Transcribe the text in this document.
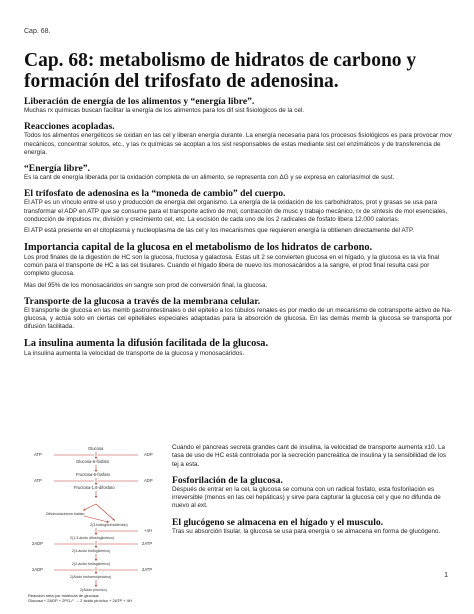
Cap. 68.
Cap. 68: metabolismo de hidratos de carbono y formación del trifosfato de adenosina.

Liberación de energía de los alimentos y “energía libre”.

Muchas rx químicas buscan facilitar la energía de los alimentos para los dif sist fisiológicos de la cel.

Reacciones acopladas.

Todos los alimentos energéticos se oxidan en las cel y liberan energía durante. La energía necesaria para los procesos fisiológicos es para provocar mov mecánicos, concentrar solutos, etc., y las rx químicas se acoplan a los sist responsables de estas mediante sist cel enzimáticos y de transferencia de energía.

“Energía libre”.

Es la cant de energía liberada por la oxidación completa de un alimento, se representa con ΔG y se expresa en calorías/mol de sust.

El trifosfato de adenosina es la “moneda de cambio” del cuerpo.

El ATP es un vínculo entre el uso y producción de energía del organismo. La energía de la oxidación de los carbohidratos, prot y grasas se usa para transformar el ADP en ATP que se consume para el transporte activo de mol, contracción de musc y trabajo mecánico, rx de síntesis de mol esenciales, conducción de impulsos nv, división y crecimiento cel, etc. La escisión de cada uno de los 2 radicales de fosfato libera 12.000 calorías.

El ATP está presente en el citoplasma y nucleoplasma de las cel y los mecanismos que requieren energía la obtienen directamente del ATP.

Importancia capital de la glucosa en el metabolismo de los hidratos de carbono.

Los prod finales de la digestión de HC son la glucosa, fructosa y galactosa. Estas ult 2 se convierten glucosa en el hígado, y la glucosa es la vía final común para el transporte de HC a las cel tisulares. Cuando el hígado libera de nuevo los monosacáridos a la sangre, el prod final resulta casi por completo glucosa.

Mas del 95% de los monosacáridos en sangre son prod de conversión final, la glucosa.

Transporte de la glucosa a través de la membrana celular.

El transporte de glucosa en las memb gastrointestinales o del epitelio a los túbulos renales es por medio de un mecanismo de cotransporte activo de Na-glucosa, y actúa solo en ciertas cel epiteliales especiales adaptadas para la absorción de glucosa. En las demás memb la glucosa se transporta por difusión facilitada.

La insulina aumenta la difusión facilitada de la glucosa.

La insulina aumenta la velocidad de transporte de la glucosa y monosacáridos.

Glucosa
Glucosa-6-fosfato
Fructosa-6-fosfato
Fructosa-1,6-difosfato
Dihidroxiacetona fosfato
2(3-fosfogliceraldehído)
2(1,3-ácido difosfoglicérico)
2(3-ácido fosfoglicérico)
2(2-ácido fosfoglicérico)
2(Ácido fosfoenolpirúvico)
2(Ácido pirúvico)
ATP	ADP
ATP	ADP
+4H
2ADP	2ATP
2ADP	2ATP
Reacción neta por molécula de glucosa:
Glucosa + 2ADP + 2PO₄⁼ → 2 ácido pirúvico + 2ATP + 4H

Cuando el páncreas secreta grandes cant de insulina, la velocidad de transporte aumenta x10. La tasa de uso de HC está controlada por la secreción pancreática de insulina y la sensibilidad de los tej a esta.

Fosforilación de la glucosa.

Después de entrar en la cel, la glucosa se comuna con un radical fosfato, esta fosforilación es irreversible (menos en las cel hepáticas) y sirve para capturar la glucosa cel y que no difunda de nuevo al ext.

El glucógeno se almacena en el hígado y el musculo.

Tras su absorción tisular, la glucosa se usa para energía o se almacena en forma de glucógeno.

1
